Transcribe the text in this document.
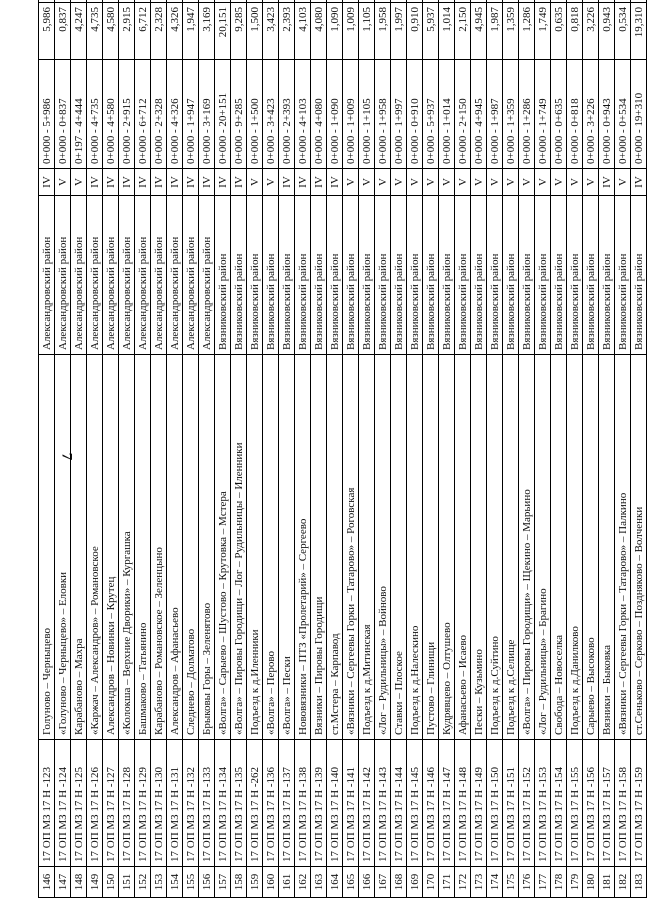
7
146	17 ОП МЗ 17 Н -123	Голуново – Черныцево	Александровский район	IV	0+000 - 5+986	5,986	
147	17 ОП МЗ 17 Н -124	«Голуново – Черныцево» – Еловки	Александровский район	V	0+000 - 0+837	0,837	
148	17 ОП МЗ 17 Н -125	Карабаново – Махра	Александровский район	V	0+197 - 4+444	4,247	
149	17 ОП МЗ 17 Н -126	«Каржач – Александров» – Романовское	Александровский район	IV	0+000 - 4+735	4,735	
150	17 ОП МЗ 17 Н -127	Александров – Новинки – Крутец	Александровский район	IV	0+000 - 4+580	4,580	
151	17 ОП МЗ 17 Н -128	«Колокша – Верхние Дворики» – Кургашка	Александровский район	IV	0+000 - 2+915	2,915	
152	17 ОП МЗ 17 Н -129	Башмаково – Татьянино	Александровский район	IV	0+000 - 6+712	6,712	
153	17 ОП МЗ 17 Н -130	Карабаново – Романовское – Зеленцыно	Александровский район	IV	0+000 - 2+328	2,328	
154	17 ОП МЗ 17 Н -131	Александров – Афанасьево	Александровский район	IV	0+000 - 4+326	4,326	
155	17 ОП МЗ 17 Н -132	Следнево – Долматово	Александровский район	IV	0+000 - 1+947	1,947	
156	17 ОП МЗ 17 Н -133	Брыковы Горы – Зеленятово	Александровский район	IV	0+000 - 3+169	3,169	
157	17 ОП МЗ 17 Н -134	«Волга» – Сарыево – Шустово – Крутовка – Мстера	Вязниковский район	IV	0+000 - 20+151	20,151	
158	17 ОП МЗ 17 Н -135	«Волга» – Пировы Городищи – Лог – Рудильницы – Иленники	Вязниковский район	IV	0+000 - 9+285	9,285	
159	17 ОП МЗ 17 Н -262	Подъезд к д.Иленники	Вязниковский район	V	0+000 - 1+500	1,500	
160	17 ОП МЗ 17 Н -136	«Волга» – Перово	Вязниковский район	V	0+000 - 3+423	3,423	
161	17 ОП МЗ 17 Н -137	«Волга» – Пески	Вязниковский район	IV	0+000 - 2+393	2,393	
162	17 ОП МЗ 17 Н -138	Нововязники – ПТЗ «Пролетарий» – Сергеево	Вязниковский район	IV	0+000 - 4+103	4,103	
163	17 ОП МЗ 17 Н -139	Вязники – Пировы Городищи	Вязниковский район	IV	0+000 - 4+080	4,080	
164	17 ОП МЗ 17 Н -140	ст.Мстера – Карпавод	Вязниковский район	IV	0+000 - 1+090	1,090	
165	17 ОП МЗ 17 Н -141	«Вязники – Сергеевы Горки – Татарово» – Роговская	Вязниковский район	V	0+000 - 1+009	1,009	
166	17 ОП МЗ 17 Н -142	Подъезд к д.Митинская	Вязниковский район	V	0+000 - 1+105	1,105	
167	17 ОП МЗ 17 Н -143	«Лог – Рудильницы» – Войново	Вязниковский район	V	0+000 - 1+958	1,958	
168	17 ОП МЗ 17 Н -144	Ставки – Плоское	Вязниковский район	V	0+000 - 1+997	1,997	
169	17 ОП МЗ 17 Н -145	Подъезд к д.Налескино	Вязниковский район	V	0+000 - 0+910	0,910	
170	17 ОП МЗ 17 Н -146	Пустово – Глинищи	Вязниковский район	V	0+000 - 5+937	5,937	
171	17 ОП МЗ 17 Н -147	Кудрявцево – Олтушево	Вязниковский район	V	0+000 - 1+014	1,014	
172	17 ОП МЗ 17 Н -148	Афанасьево – Исаево	Вязниковский район	V	0+000 - 2+150	2,150	
173	17 ОП МЗ 17 Н -149	Пески – Кузьмино	Вязниковский район	V	0+000 - 4+945	4,945	
174	17 ОП МЗ 17 Н -150	Подъезд к д.Суйтино	Вязниковский район	V	0+000 - 1+987	1,987	
175	17 ОП МЗ 17 Н -151	Подъезд к д.Селище	Вязниковский район	V	0+000 - 1+359	1,359	
176	17 ОП МЗ 17 Н -152	«Волга» – Пировы Городищи» – Щекино – Марьино	Вязниковский район	V	0+000 - 1+286	1,286	
177	17 ОП МЗ 17 Н -153	«Лог – Рудильницы» – Брагино	Вязниковский район	V	0+000 - 1+749	1,749	
178	17 ОП МЗ 17 Н -154	Свобода – Новоселка	Вязниковский район	V	0+000 - 0+635	0,635	
179	17 ОП МЗ 17 Н -155	Подъезд к д.Данилково	Вязниковский район	V	0+000 - 0+818	0,818	
180	17 ОП МЗ 17 Н -156	Сарыево – Высоково	Вязниковский район	V	0+000 - 3+226	3,226	
181	17 ОП МЗ 17 Н -157	Вязники – Быковка	Вязниковский район	IV	0+000 - 0+943	0,943	
182	17 ОП МЗ 17 Н -158	«Вязники – Сергеевы Горки – Татарово» – Палкино	Вязниковский район	V	0+000 - 0+534	0,534	
183	17 ОП МЗ 17 Н -159	ст.Сеньково – Серково – Поздняково – Волченки	Вязниковский район	IV	0+000 - 19+310	19,310	
